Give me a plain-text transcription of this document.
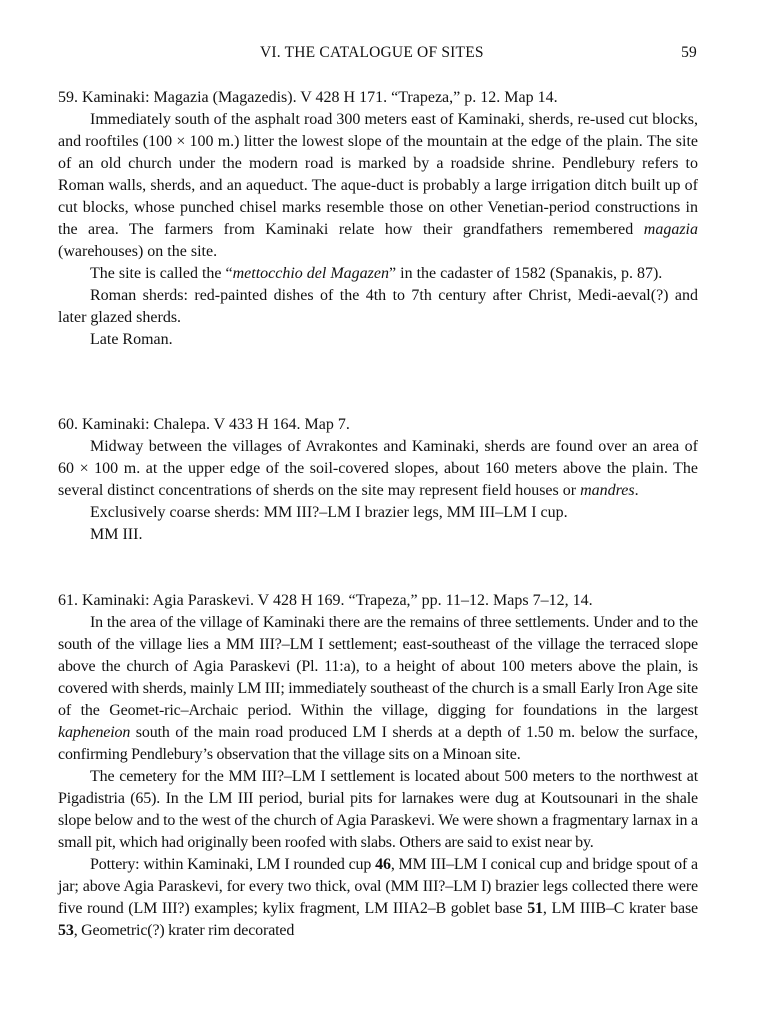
VI. THE CATALOGUE OF SITES	59

59. Kaminaki: Magazia (Magazedis). V 428 H 171. “Trapeza,” p. 12. Map 14.

Immediately south of the asphalt road 300 meters east of Kaminaki, sherds, re-used cut blocks, and rooftiles (100 × 100 m.) litter the lowest slope of the mountain at the edge of the plain. The site of an old church under the modern road is marked by a roadside shrine. Pendlebury refers to Roman walls, sherds, and an aqueduct. The aque-duct is probably a large irrigation ditch built up of cut blocks, whose punched chisel marks resemble those on other Venetian-period constructions in the area. The farmers from Kaminaki relate how their grandfathers remembered magazia (warehouses) on the site.

The site is called the “mettocchio del Magazen” in the cadaster of 1582 (Spanakis, p. 87).

Roman sherds: red-painted dishes of the 4th to 7th century after Christ, Medi-aeval(?) and later glazed sherds.

Late Roman.

60. Kaminaki: Chalepa. V 433 H 164. Map 7.

Midway between the villages of Avrakontes and Kaminaki, sherds are found over an area of 60 × 100 m. at the upper edge of the soil-covered slopes, about 160 meters above the plain. The several distinct concentrations of sherds on the site may represent field houses or mandres.

Exclusively coarse sherds: MM III?–LM I brazier legs, MM III–LM I cup.

MM III.

61. Kaminaki: Agia Paraskevi. V 428 H 169. “Trapeza,” pp. 11–12. Maps 7–12, 14.

In the area of the village of Kaminaki there are the remains of three settlements. Under and to the south of the village lies a MM III?–LM I settlement; east-southeast of the village the terraced slope above the church of Agia Paraskevi (Pl. 11:a), to a height of about 100 meters above the plain, is covered with sherds, mainly LM III; immediately southeast of the church is a small Early Iron Age site of the Geomet-ric–Archaic period. Within the village, digging for foundations in the largest kapheneion south of the main road produced LM I sherds at a depth of 1.50 m. below the surface, confirming Pendlebury’s observation that the village sits on a Minoan site.

The cemetery for the MM III?–LM I settlement is located about 500 meters to the northwest at Pigadistria (65). In the LM III period, burial pits for larnakes were dug at Koutsounari in the shale slope below and to the west of the church of Agia Paraskevi. We were shown a fragmentary larnax in a small pit, which had originally been roofed with slabs. Others are said to exist near by.

Pottery: within Kaminaki, LM I rounded cup 46, MM III–LM I conical cup and bridge spout of a jar; above Agia Paraskevi, for every two thick, oval (MM III?–LM I) brazier legs collected there were five round (LM III?) examples; kylix fragment, LM IIIA2–B goblet base 51, LM IIIB–C krater base 53, Geometric(?) krater rim decorated
